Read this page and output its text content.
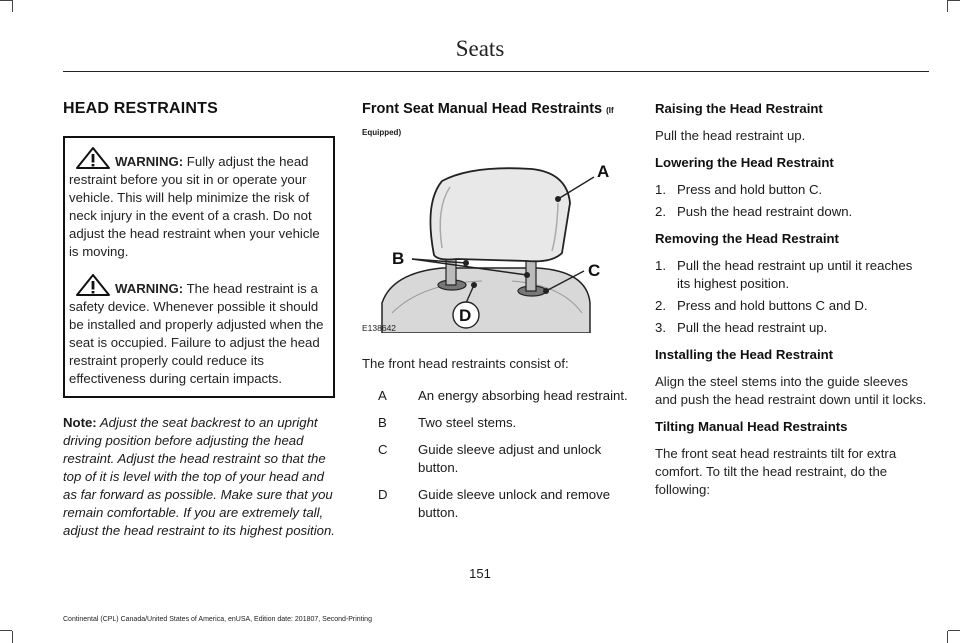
Seats
HEAD RESTRAINTS

WARNING: Fully adjust the head restraint before you sit in or operate your vehicle. This will help minimize the risk of neck injury in the event of a crash. Do not adjust the head restraint when your vehicle is moving.

WARNING: The head restraint is a safety device. Whenever possible it should be installed and properly adjusted when the seat is occupied. Failure to adjust the head restraint properly could reduce its effectiveness during certain impacts.

Note: Adjust the seat backrest to an upright driving position before adjusting the head restraint. Adjust the head restraint so that the top of it is level with the top of your head and as far forward as possible. Make sure that you remain comfortable. If you are extremely tall, adjust the head restraint to its highest position.

Front Seat Manual Head Restraints (If
Equipped)
A
B
C
D
E138642

The front head restraints consist of:

A	An energy absorbing head restraint.
B	Two steel stems.
C	Guide sleeve adjust and unlock button.
D	Guide sleeve unlock and remove button.
Raising the Head Restraint
Pull the head restraint up.
Lowering the Head Restraint
1. Press and hold button C.
2. Push the head restraint down.
Removing the Head Restraint
1. Pull the head restraint up until it reaches its highest position.
2. Press and hold buttons C and D.
3. Pull the head restraint up.
Installing the Head Restraint
Align the steel stems into the guide sleeves and push the head restraint down until it locks.
Tilting Manual Head Restraints
The front seat head restraints tilt for extra comfort. To tilt the head restraint, do the following:
151
Continental (CPL) Canada/United States of America, enUSA, Edition date: 201807, Second-Printing
